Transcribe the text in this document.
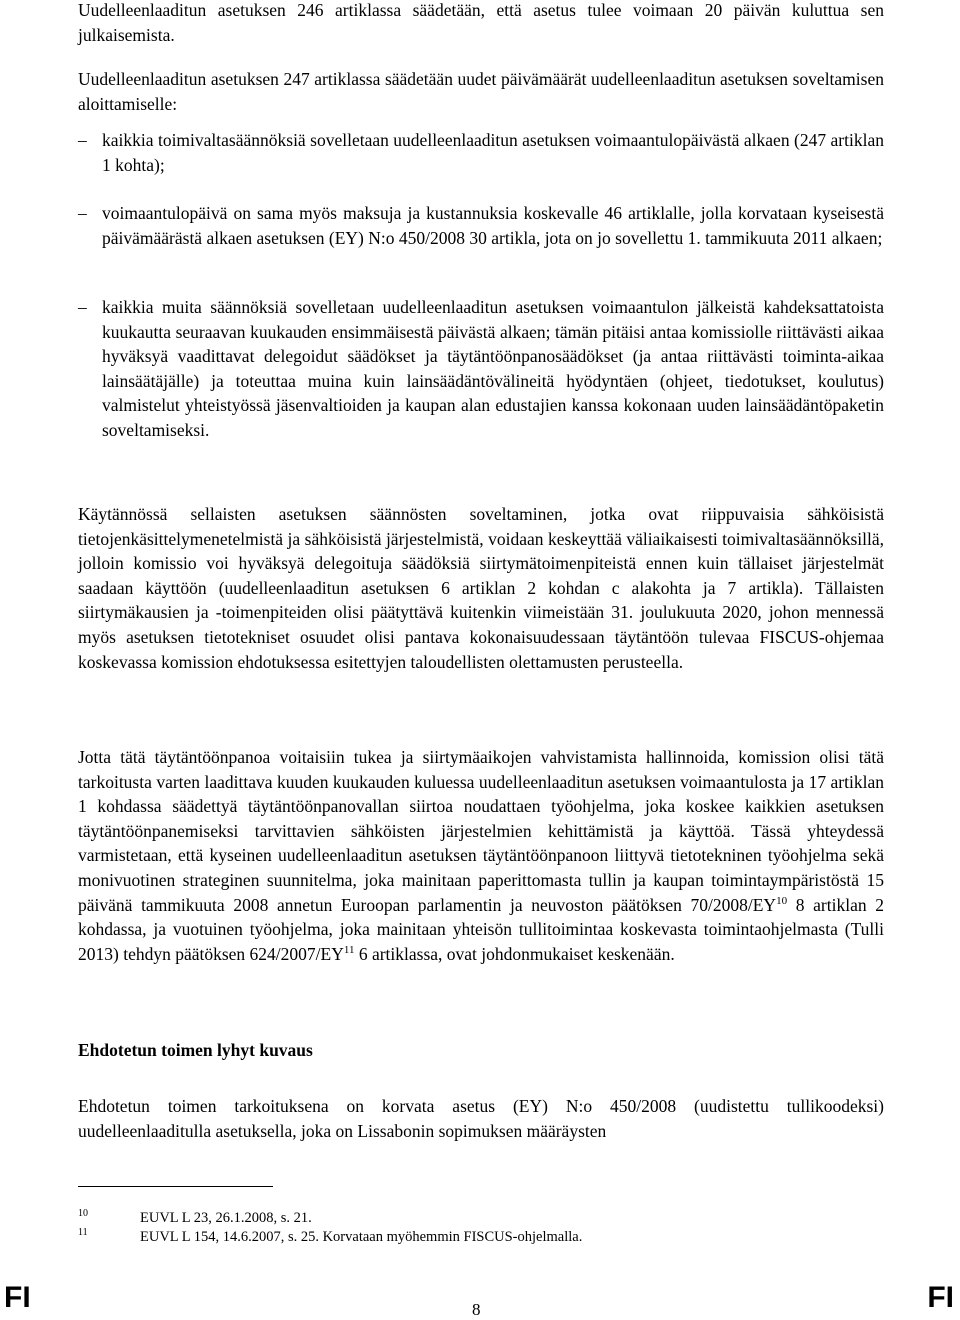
Uudelleenlaaditun asetuksen 246 artiklassa säädetään, että asetus tulee voimaan 20 päivän kuluttua sen julkaisemista.

Uudelleenlaaditun asetuksen 247 artiklassa säädetään uudet päivämäärät uudelleenlaaditun asetuksen soveltamisen aloittamiselle:

– kaikkia toimivaltasäännöksiä sovelletaan uudelleenlaaditun asetuksen voimaantulopäivästä alkaen (247 artiklan 1 kohta);

– voimaantulopäivä on sama myös maksuja ja kustannuksia koskevalle 46 artiklalle, jolla korvataan kyseisestä päivämäärästä alkaen asetuksen (EY) N:o 450/2008 30 artikla, jota on jo sovellettu 1. tammikuuta 2011 alkaen;

– kaikkia muita säännöksiä sovelletaan uudelleenlaaditun asetuksen voimaantulon jälkeistä kahdeksattatoista kuukautta seuraavan kuukauden ensimmäisestä päivästä alkaen; tämän pitäisi antaa komissiolle riittävästi aikaa hyväksyä vaadittavat delegoidut säädökset ja täytäntöönpanosäädökset (ja antaa riittävästi toiminta-aikaa lainsäätäjälle) ja toteuttaa muina kuin lainsäädäntövälineitä hyödyntäen (ohjeet, tiedotukset, koulutus) valmistelut yhteistyössä jäsenvaltioiden ja kaupan alan edustajien kanssa kokonaan uuden lainsäädäntöpaketin soveltamiseksi.

Käytännössä sellaisten asetuksen säännösten soveltaminen, jotka ovat riippuvaisia sähköisistä tietojenkäsittelymenetelmistä ja sähköisistä järjestelmistä, voidaan keskeyttää väliaikaisesti toimivaltasäännöksillä, jolloin komissio voi hyväksyä delegoituja säädöksiä siirtymätoimenpiteistä ennen kuin tällaiset järjestelmät saadaan käyttöön (uudelleenlaaditun asetuksen 6 artiklan 2 kohdan c alakohta ja 7 artikla). Tällaisten siirtymäkausien ja -toimenpiteiden olisi päätyttävä kuitenkin viimeistään 31. joulukuuta 2020, johon mennessä myös asetuksen tietotekniset osuudet olisi pantava kokonaisuudessaan täytäntöön tulevaa FISCUS-ohjemaa koskevassa komission ehdotuksessa esitettyjen taloudellisten olettamusten perusteella.

Jotta tätä täytäntöönpanoa voitaisiin tukea ja siirtymäaikojen vahvistamista hallinnoida, komission olisi tätä tarkoitusta varten laadittava kuuden kuukauden kuluessa uudelleenlaaditun asetuksen voimaantulosta ja 17 artiklan 1 kohdassa säädettyä täytäntöönpanovallan siirtoa noudattaen työohjelma, joka koskee kaikkien asetuksen täytäntöönpanemiseksi tarvittavien sähköisten järjestelmien kehittämistä ja käyttöä. Tässä yhteydessä varmistetaan, että kyseinen uudelleenlaaditun asetuksen täytäntöönpanoon liittyvä tietotekninen työohjelma sekä monivuotinen strateginen suunnitelma, joka mainitaan paperittomasta tullin ja kaupan toimintaympäristöstä 15 päivänä tammikuuta 2008 annetun Euroopan parlamentin ja neuvoston päätöksen 70/2008/EY$^{10}$ 8 artiklan 2 kohdassa, ja vuotuinen työohjelma, joka mainitaan yhteisön tullitoimintaa koskevasta toimintaohjelmasta (Tulli 2013) tehdyn päätöksen 624/2007/EY$^{11}$ 6 artiklassa, ovat johdonmukaiset keskenään.

Ehdotetun toimen lyhyt kuvaus

Ehdotetun toimen tarkoituksena on korvata asetus (EY) N:o 450/2008 (uudistettu tullikoodeksi) uudelleenlaaditulla asetuksella, joka on Lissabonin sopimuksen määräysten

10	EUVL L 23, 26.1.2008, s. 21.
11	EUVL L 154, 14.6.2007, s. 25. Korvataan myöhemmin FISCUS-ohjelmalla.
FI	8	FI
